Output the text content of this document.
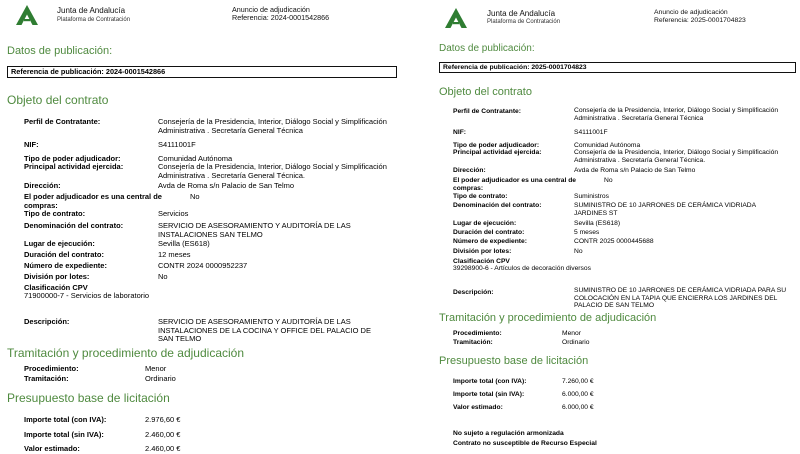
Junta de Andalucía
Plataforma de Contratación
Anuncio de adjudicación
Referencia: 2024-0001542866
Datos de publicación:
Referencia de publicación: 2024-0001542866
Objeto del contrato
Perfil de Contratante:	Consejería de la Presidencia, Interior, Diálogo Social y Simplificación Administrativa . Secretaría General Técnica
NIF:	S4111001F
Tipo de poder adjudicador:	Comunidad Autónoma
Principal actividad ejercida:	Consejería de la Presidencia, Interior, Diálogo Social y Simplificación Administrativa . Secretaría General Técnica.
Dirección:	Avda de Roma s/n Palacio de San Telmo
El poder adjudicador es una central de compras:
No
Tipo de contrato:	Servicios
Denominación del contrato:	SERVICIO DE ASESORAMIENTO Y AUDITORÍA DE LAS INSTALACIONES SAN TELMO
Lugar de ejecución:	Sevilla (ES618)
Duración del contrato:	12 meses
Número de expediente:	CONTR 2024 0000952237
División por lotes:	No
Clasificación CPV
71900000-7 - Servicios de laboratorio
Descripción:	SERVICIO DE ASESORAMIENTO Y AUDITORÍA DE LAS INSTALACIONES DE LA COCINA Y OFFICE DEL PALACIO DE SAN TELMO
Tramitación y procedimiento de adjudicación
Procedimiento:	Menor
Tramitación:	Ordinario
Presupuesto base de licitación
Importe total (con IVA):	2.976,60 €
Importe total (sin IVA):	2.460,00 €
Valor estimado:	2.460,00 €
Junta de Andalucía
Plataforma de Contratación
Anuncio de adjudicación
Referencia: 2025-0001704823
Datos de publicación:
Referencia de publicación: 2025-0001704823
Objeto del contrato
Perfil de Contratante:	Consejería de la Presidencia, Interior, Diálogo Social y Simplificación Administrativa . Secretaría General Técnica
NIF:	S4111001F
Tipo de poder adjudicador:	Comunidad Autónoma
Principal actividad ejercida:	Consejería de la Presidencia, Interior, Diálogo Social y Simplificación Administrativa . Secretaría General Técnica.
Dirección:	Avda de Roma s/n Palacio de San Telmo
El poder adjudicador es una central de compras:
No
Tipo de contrato:	Suministros
Denominación del contrato:	SUMINISTRO DE 10 JARRONES DE CERÁMICA VIDRIADA JARDINES ST
Lugar de ejecución:	Sevilla (ES618)
Duración del contrato:	5 meses
Número de expediente:	CONTR 2025 0000445688
División por lotes:	No
Clasificación CPV
39298900-6 - Artículos de decoración diversos
Descripción:	SUMINISTRO DE 10 JARRONES DE CERÁMICA VIDRIADA PARA SU COLOCACIÓN EN LA TAPIA QUE ENCIERRA LOS JARDINES DEL PALACIO DE SAN TELMO
Tramitación y procedimiento de adjudicación
Procedimiento:	Menor
Tramitación:	Ordinario
Presupuesto base de licitación
Importe total (con IVA):	7.260,00 €
Importe total (sin IVA):	6.000,00 €
Valor estimado:	6.000,00 €
No sujeto a regulación armonizada
Contrato no susceptible de Recurso Especial
